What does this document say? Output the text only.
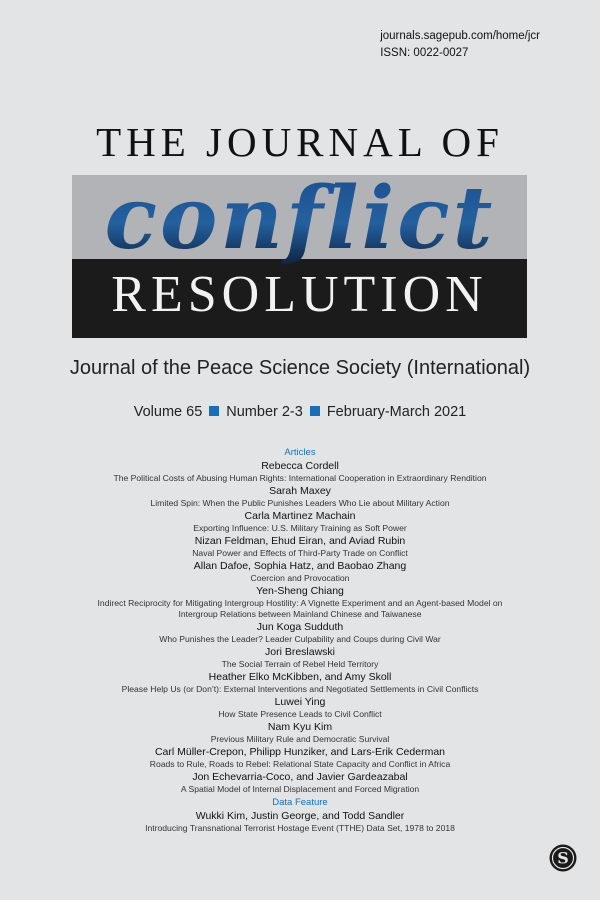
journals.sagepub.com/home/jcr
ISSN: 0022-0027
THE JOURNAL OF
conflict
RESOLUTION
Journal of the Peace Science Society (International)
Volume 65 Number 2-3 February-March 2021
Articles
Rebecca Cordell
The Political Costs of Abusing Human Rights: International Cooperation in Extraordinary Rendition
Sarah Maxey
Limited Spin: When the Public Punishes Leaders Who Lie about Military Action
Carla Martinez Machain
Exporting Influence: U.S. Military Training as Soft Power
Nizan Feldman, Ehud Eiran, and Aviad Rubin
Naval Power and Effects of Third-Party Trade on Conflict
Allan Dafoe, Sophia Hatz, and Baobao Zhang
Coercion and Provocation
Yen-Sheng Chiang
Indirect Reciprocity for Mitigating Intergroup Hostility: A Vignette Experiment and an Agent-based Model on
Intergroup Relations between Mainland Chinese and Taiwanese
Jun Koga Sudduth
Who Punishes the Leader? Leader Culpability and Coups during Civil War
Jori Breslawski
The Social Terrain of Rebel Held Territory
Heather Elko McKibben, and Amy Skoll
Please Help Us (or Don’t): External Interventions and Negotiated Settlements in Civil Conflicts
Luwei Ying
How State Presence Leads to Civil Conflict
Nam Kyu Kim
Previous Military Rule and Democratic Survival
Carl Müller-Crepon, Philipp Hunziker, and Lars-Erik Cederman
Roads to Rule, Roads to Rebel: Relational State Capacity and Conflict in Africa
Jon Echevarria-Coco, and Javier Gardeazabal
A Spatial Model of Internal Displacement and Forced Migration
Data Feature
Wukki Kim, Justin George, and Todd Sandler
Introducing Transnational Terrorist Hostage Event (TTHE) Data Set, 1978 to 2018
S
